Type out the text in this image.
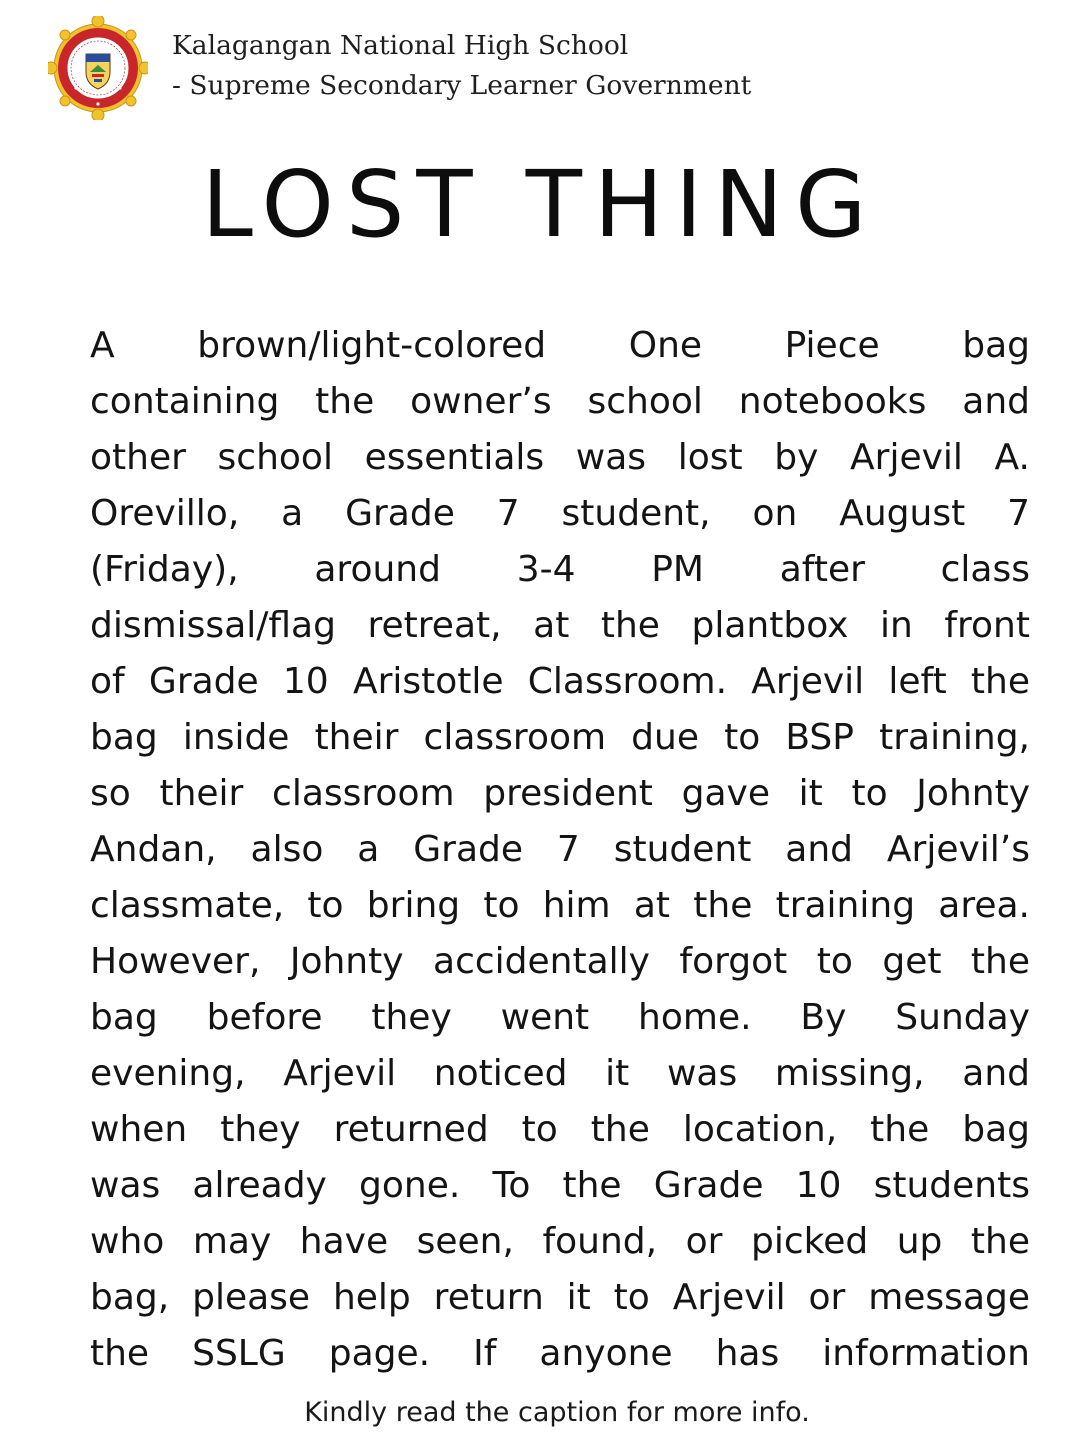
Kalagangan National High School
- Supreme Secondary Learner Government
LOST THING
A brown/light-colored One Piece bag
containing the owner’s school notebooks and
other school essentials was lost by Arjevil A.
Orevillo, a Grade 7 student, on August 7
(Friday), around 3-4 PM after class
dismissal/flag retreat, at the plantbox in front
of Grade 10 Aristotle Classroom. Arjevil left the
bag inside their classroom due to BSP training,
so their classroom president gave it to Johnty
Andan, also a Grade 7 student and Arjevil’s
classmate, to bring to him at the training area.
However, Johnty accidentally forgot to get the
bag before they went home. By Sunday
evening, Arjevil noticed it was missing, and
when they returned to the location, the bag
was already gone. To the Grade 10 students
who may have seen, found, or picked up the
bag, please help return it to Arjevil or message
the SSLG page. If anyone has information
Kindly read the caption for more info.
